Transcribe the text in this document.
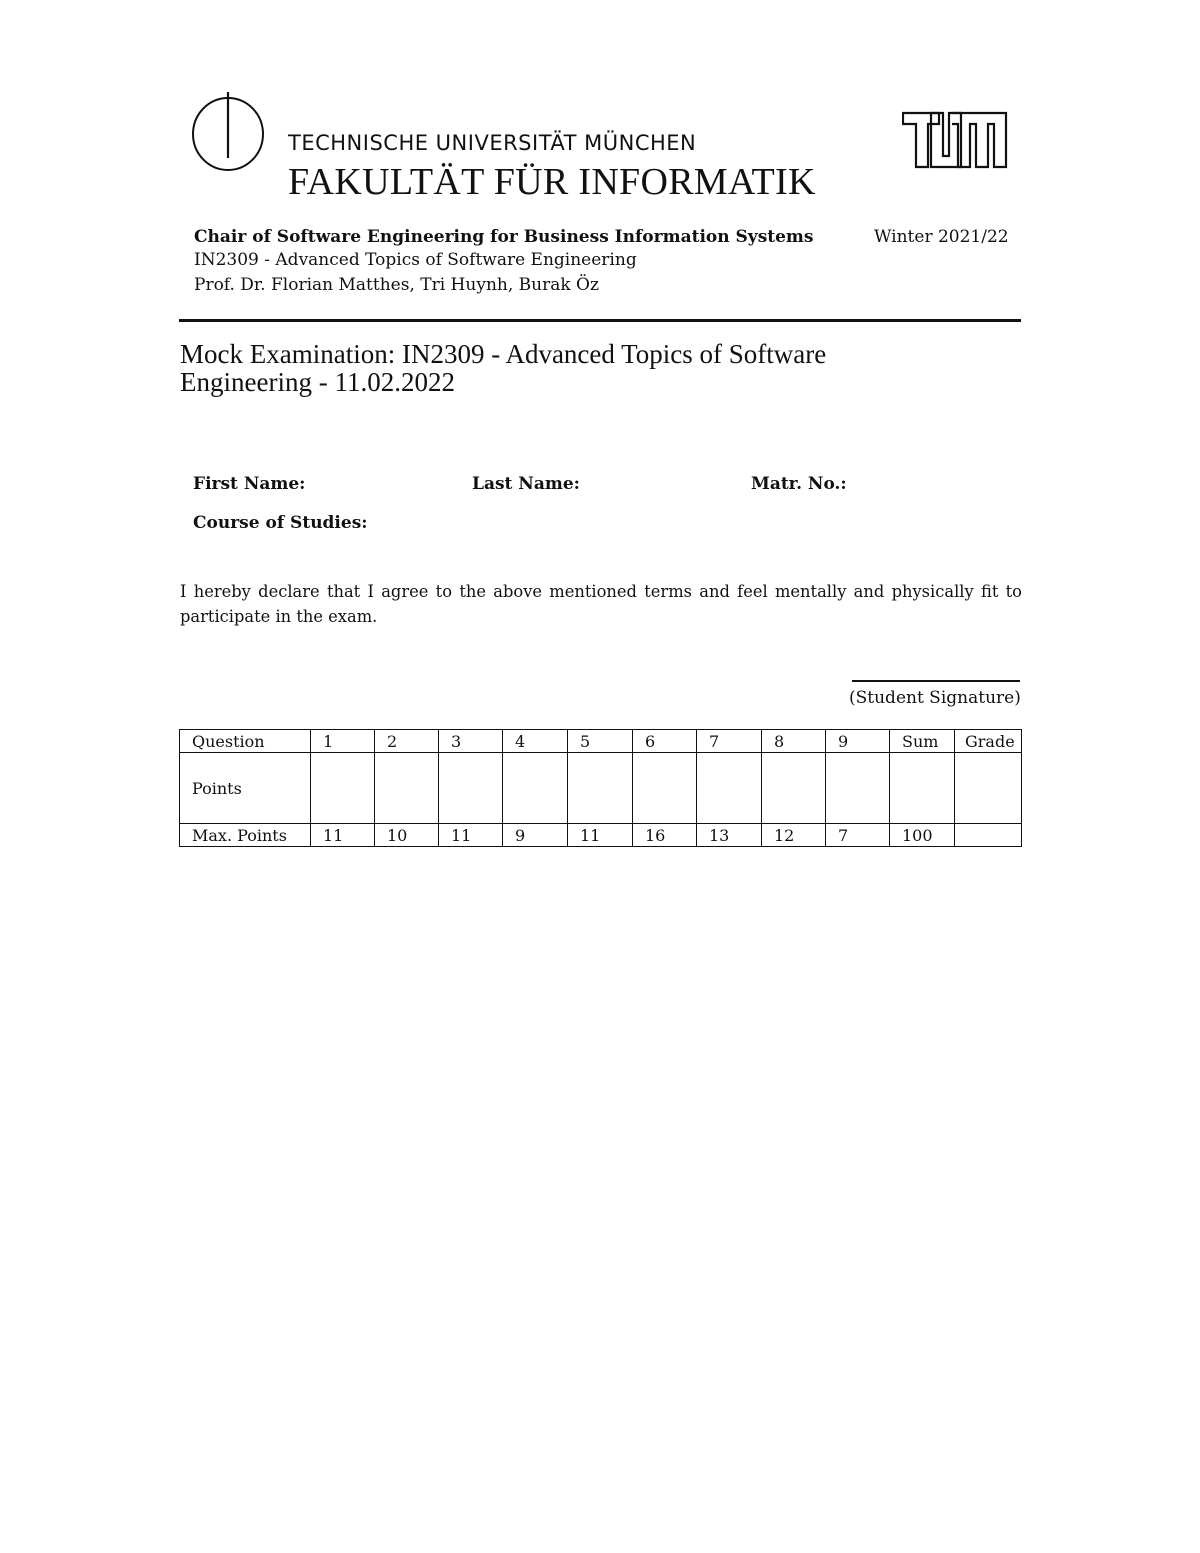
TECHNISCHE UNIVERSITÄT MÜNCHEN
FAKULTÄT FÜR INFORMATIK
Chair of Software Engineering for Business Information Systems	Winter 2021/22
IN2309 - Advanced Topics of Software Engineering
Prof. Dr. Florian Matthes, Tri Huynh, Burak Öz
Mock Examination: IN2309 - Advanced Topics of Software Engineering - 11.02.2022
First Name:	Last Name:	Matr. No.:
Course of Studies:
I hereby declare that I agree to the above mentioned terms and feel mentally and physically fit to participate in the exam.
(Student Signature)
Question	1	2	3	4	5	6	7	8	9	Sum	Grade
Points											
Max. Points	11	10	11	9	11	16	13	12	7	100	
